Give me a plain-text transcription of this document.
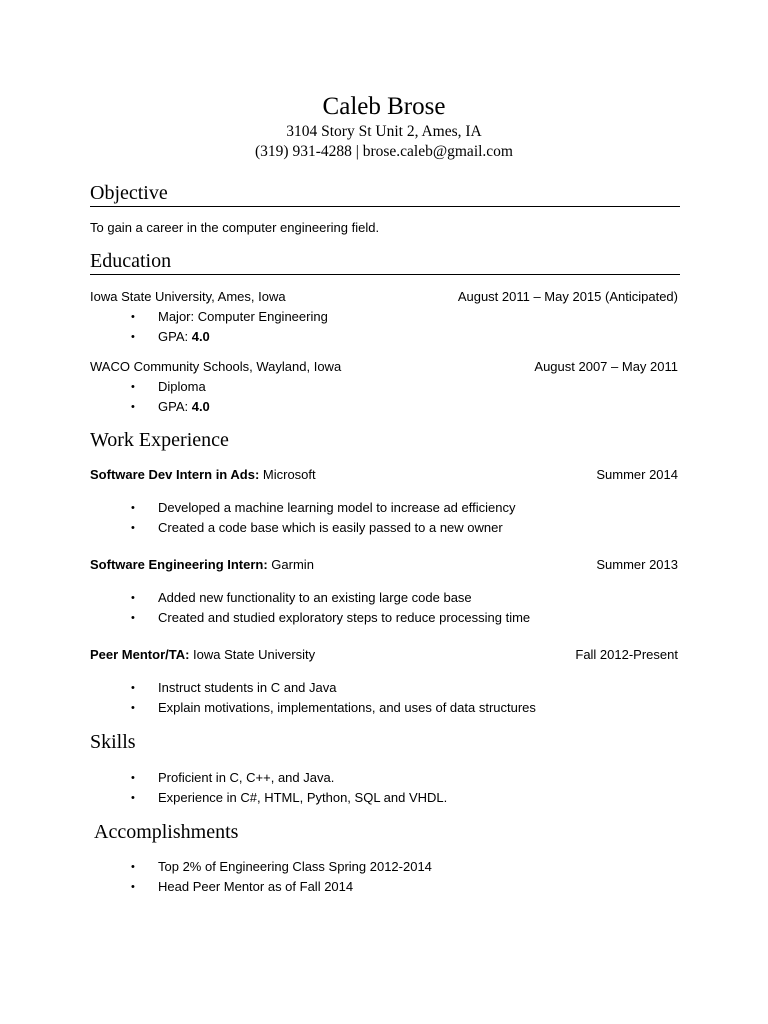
Caleb Brose
3104 Story St Unit 2, Ames, IA
(319) 931-4288 | brose.caleb@gmail.com
Objective
To gain a career in the computer engineering field.
Education
Iowa State University, Ames, Iowa	August 2011 – May 2015 (Anticipated)
• Major: Computer Engineering
• GPA: 4.0
WACO Community Schools, Wayland, Iowa	August 2007 – May 2011
• Diploma
• GPA: 4.0
Work Experience
Software Dev Intern in Ads: Microsoft	Summer 2014
• Developed a machine learning model to increase ad efficiency
• Created a code base which is easily passed to a new owner
Software Engineering Intern: Garmin	Summer 2013
• Added new functionality to an existing large code base
• Created and studied exploratory steps to reduce processing time
Peer Mentor/TA: Iowa State University	Fall 2012-Present
• Instruct students in C and Java
• Explain motivations, implementations, and uses of data structures
Skills
• Proficient in C, C++, and Java.
• Experience in C#, HTML, Python, SQL and VHDL.
Accomplishments
• Top 2% of Engineering Class Spring 2012-2014
• Head Peer Mentor as of Fall 2014
